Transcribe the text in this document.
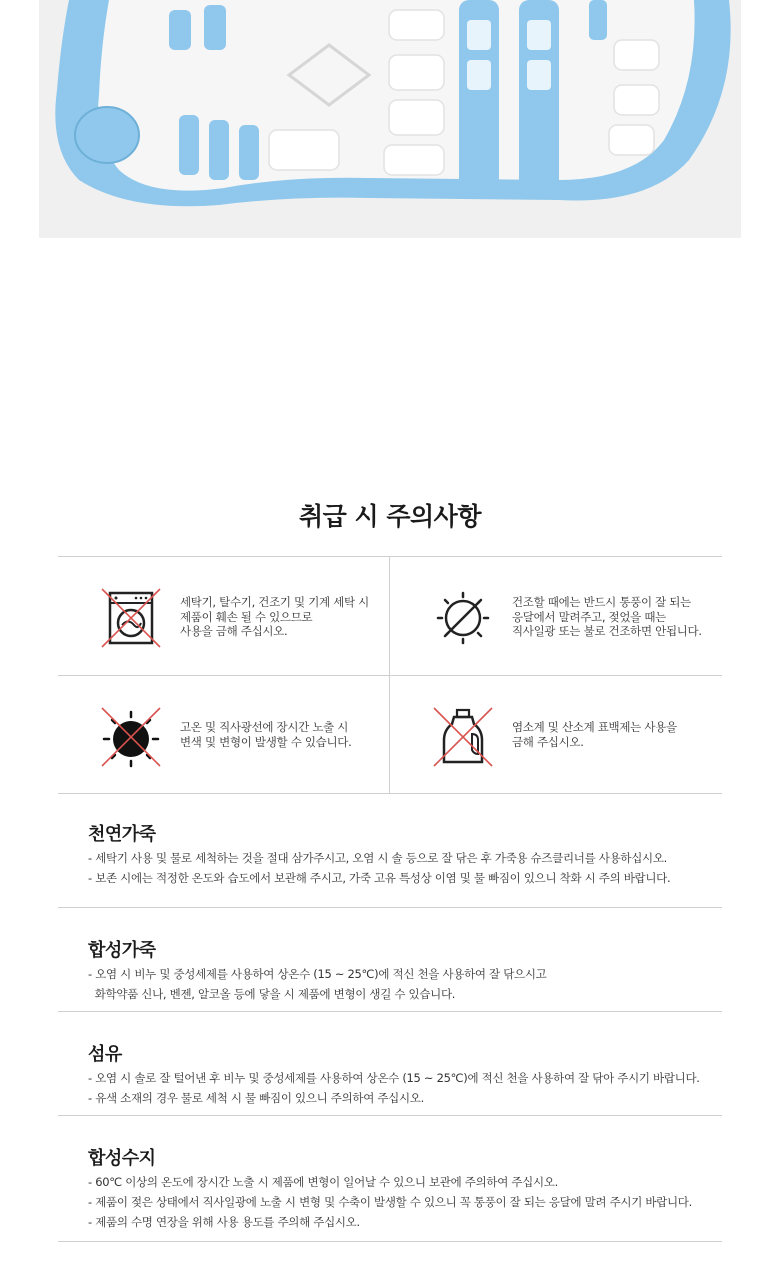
취급 시 주의사항
세탁기, 탈수기, 건조기 및 기계 세탁 시
제품이 훼손 될 수 있으므로
사용을 금해 주십시오.
건조할 때에는 반드시 통풍이 잘 되는
응달에서 말려주고, 젖었을 때는
직사일광 또는 불로 건조하면 안됩니다.
고온 및 직사광선에 장시간 노출 시
변색 및 변형이 발생할 수 있습니다.
염소계 및 산소계 표백제는 사용을
금해 주십시오.
천연가죽
- 세탁기 사용 및 물로 세척하는 것을 절대 삼가주시고, 오염 시 솔 등으로 잘 닦은 후 가죽용 슈즈클리너를 사용하십시오.
- 보존 시에는 적정한 온도와 습도에서 보관해 주시고, 가죽 고유 특성상 이염 및 물 빠짐이 있으니 착화 시 주의 바랍니다.
합성가죽
- 오염 시 비누 및 중성세제를 사용하여 상온수 (15 ~ 25℃)에 적신 천을 사용하여 잘 닦으시고
화학약품 신나, 벤젠, 알코올 등에 닿을 시 제품에 변형이 생길 수 있습니다.
섬유
- 오염 시 솔로 잘 털어낸 후 비누 및 중성세제를 사용하여 상온수 (15 ~ 25℃)에 적신 천을 사용하여 잘 닦아 주시기 바랍니다.
- 유색 소재의 경우 물로 세척 시 물 빠짐이 있으니 주의하여 주십시오.
합성수지
- 60℃ 이상의 온도에 장시간 노출 시 제품에 변형이 일어날 수 있으니 보관에 주의하여 주십시오.
- 제품이 젖은 상태에서 직사일광에 노출 시 변형 및 수축이 발생할 수 있으니 꼭 통풍이 잘 되는 응달에 말려 주시기 바랍니다.
- 제품의 수명 연장을 위해 사용 용도를 주의해 주십시오.
